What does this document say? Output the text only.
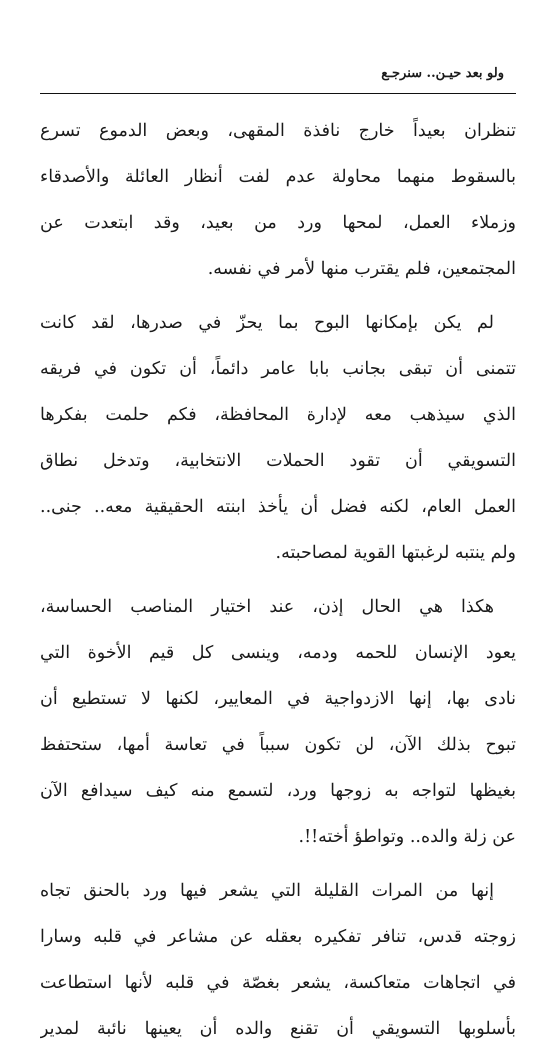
ولو بعد حيـن.. سنرجـع
تنظران بعيداً خارج نافذة المقهى، وبعض الدموع تسرع
بالسقوط منهما محاولة عدم لفت أنظار العائلة والأصدقاء
وزملاء العمل، لمحها ورد من بعيد، وقد ابتعدت عن
المجتمعين، فلم يقترب منها لأمر في نفسه.
لم يكن بإمكانها البوح بما يحزّ في صدرها، لقد كانت
تتمنى أن تبقى بجانب بابا عامر دائماً، أن تكون في فريقه
الذي سيذهب معه لإدارة المحافظة، فكم حلمت بفكرها
التسويقي أن تقود الحملات الانتخابية، وتدخل نطاق
العمل العام، لكنه فضل أن يأخذ ابنته الحقيقية معه.. جنى..
ولم ينتبه لرغبتها القوية لمصاحبته.
هكذا هي الحال إذن، عند اختيار المناصب الحساسة،
يعود الإنسان للحمه ودمه، وينسى كل قيم الأخوة التي
نادى بها، إنها الازدواجية في المعايير، لكنها لا تستطيع أن
تبوح بذلك الآن، لن تكون سبباً في تعاسة أمها، ستحتفظ
بغيظها لتواجه به زوجها ورد، لتسمع منه كيف سيدافع الآن
عن زلة والده.. وتواطؤ أخته!!.
إنها من المرات القليلة التي يشعر فيها ورد بالحنق تجاه
زوجته قدس، تنافر تفكيره بعقله عن مشاعر في قلبه وسارا
في اتجاهات متعاكسة، يشعر بغصّة في قلبه لأنها استطاعت
بأسلوبها التسويقي أن تقنع والده أن يعينها نائبة لمدير
